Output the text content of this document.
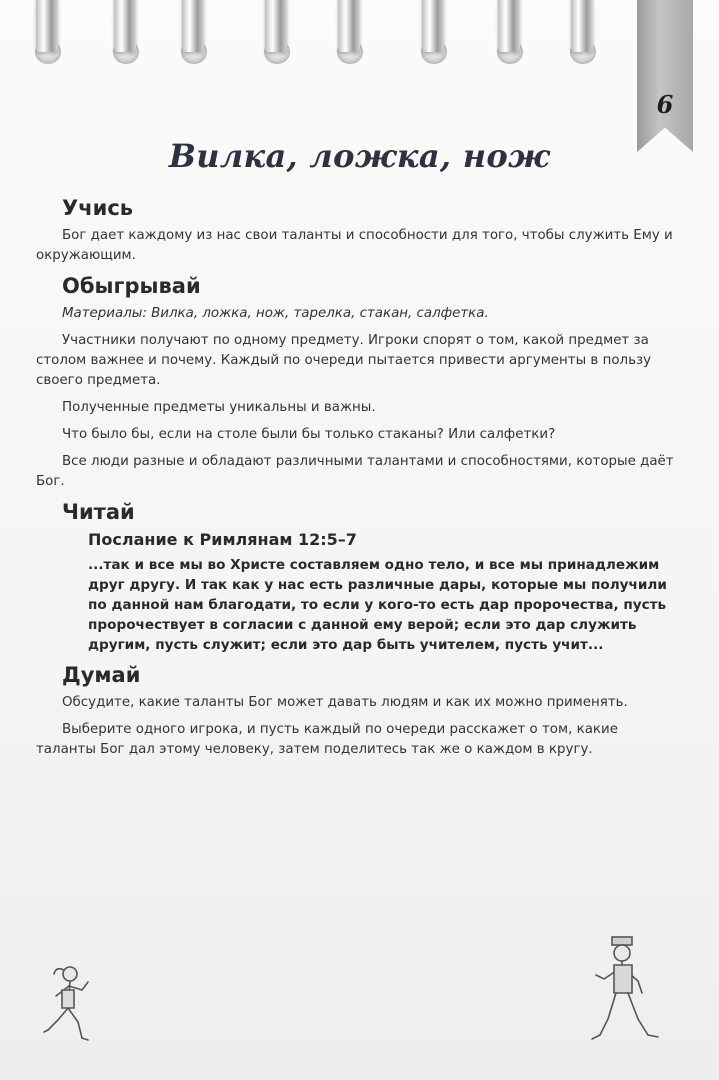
6
Вилка, ложка, нож
Учись

Бог дает каждому из нас свои таланты и способности для того, чтобы служить Ему и окружающим.

Обыгрывай

Материалы: Вилка, ложка, нож, тарелка, стакан, салфетка.

Участники получают по одному предмету. Игроки спорят о том, какой предмет за столом важнее и почему. Каждый по очереди пытается привести аргументы в пользу своего предмета.

Полученные предметы уникальны и важны.

Что было бы, если на столе были бы только стаканы? Или салфетки?

Все люди разные и обладают различными талантами и способностями, которые даёт Бог.

Читай
Послание к Римлянам 12:5–7

...так и все мы во Христе составляем одно тело, и все мы принадлежим друг другу. И так как у нас есть различные дары, которые мы получили по данной нам благодати, то если у кого-то есть дар пророчества, пусть пророчествует в согласии с данной ему верой; если это дар служить другим, пусть служит; если это дар быть учителем, пусть учит...

Думай

Обсудите, какие таланты Бог может давать людям и как их можно применять.

Выберите одного игрока, и пусть каждый по очереди расскажет о том, какие таланты Бог дал этому человеку, затем поделитесь так же о каждом в кругу.
